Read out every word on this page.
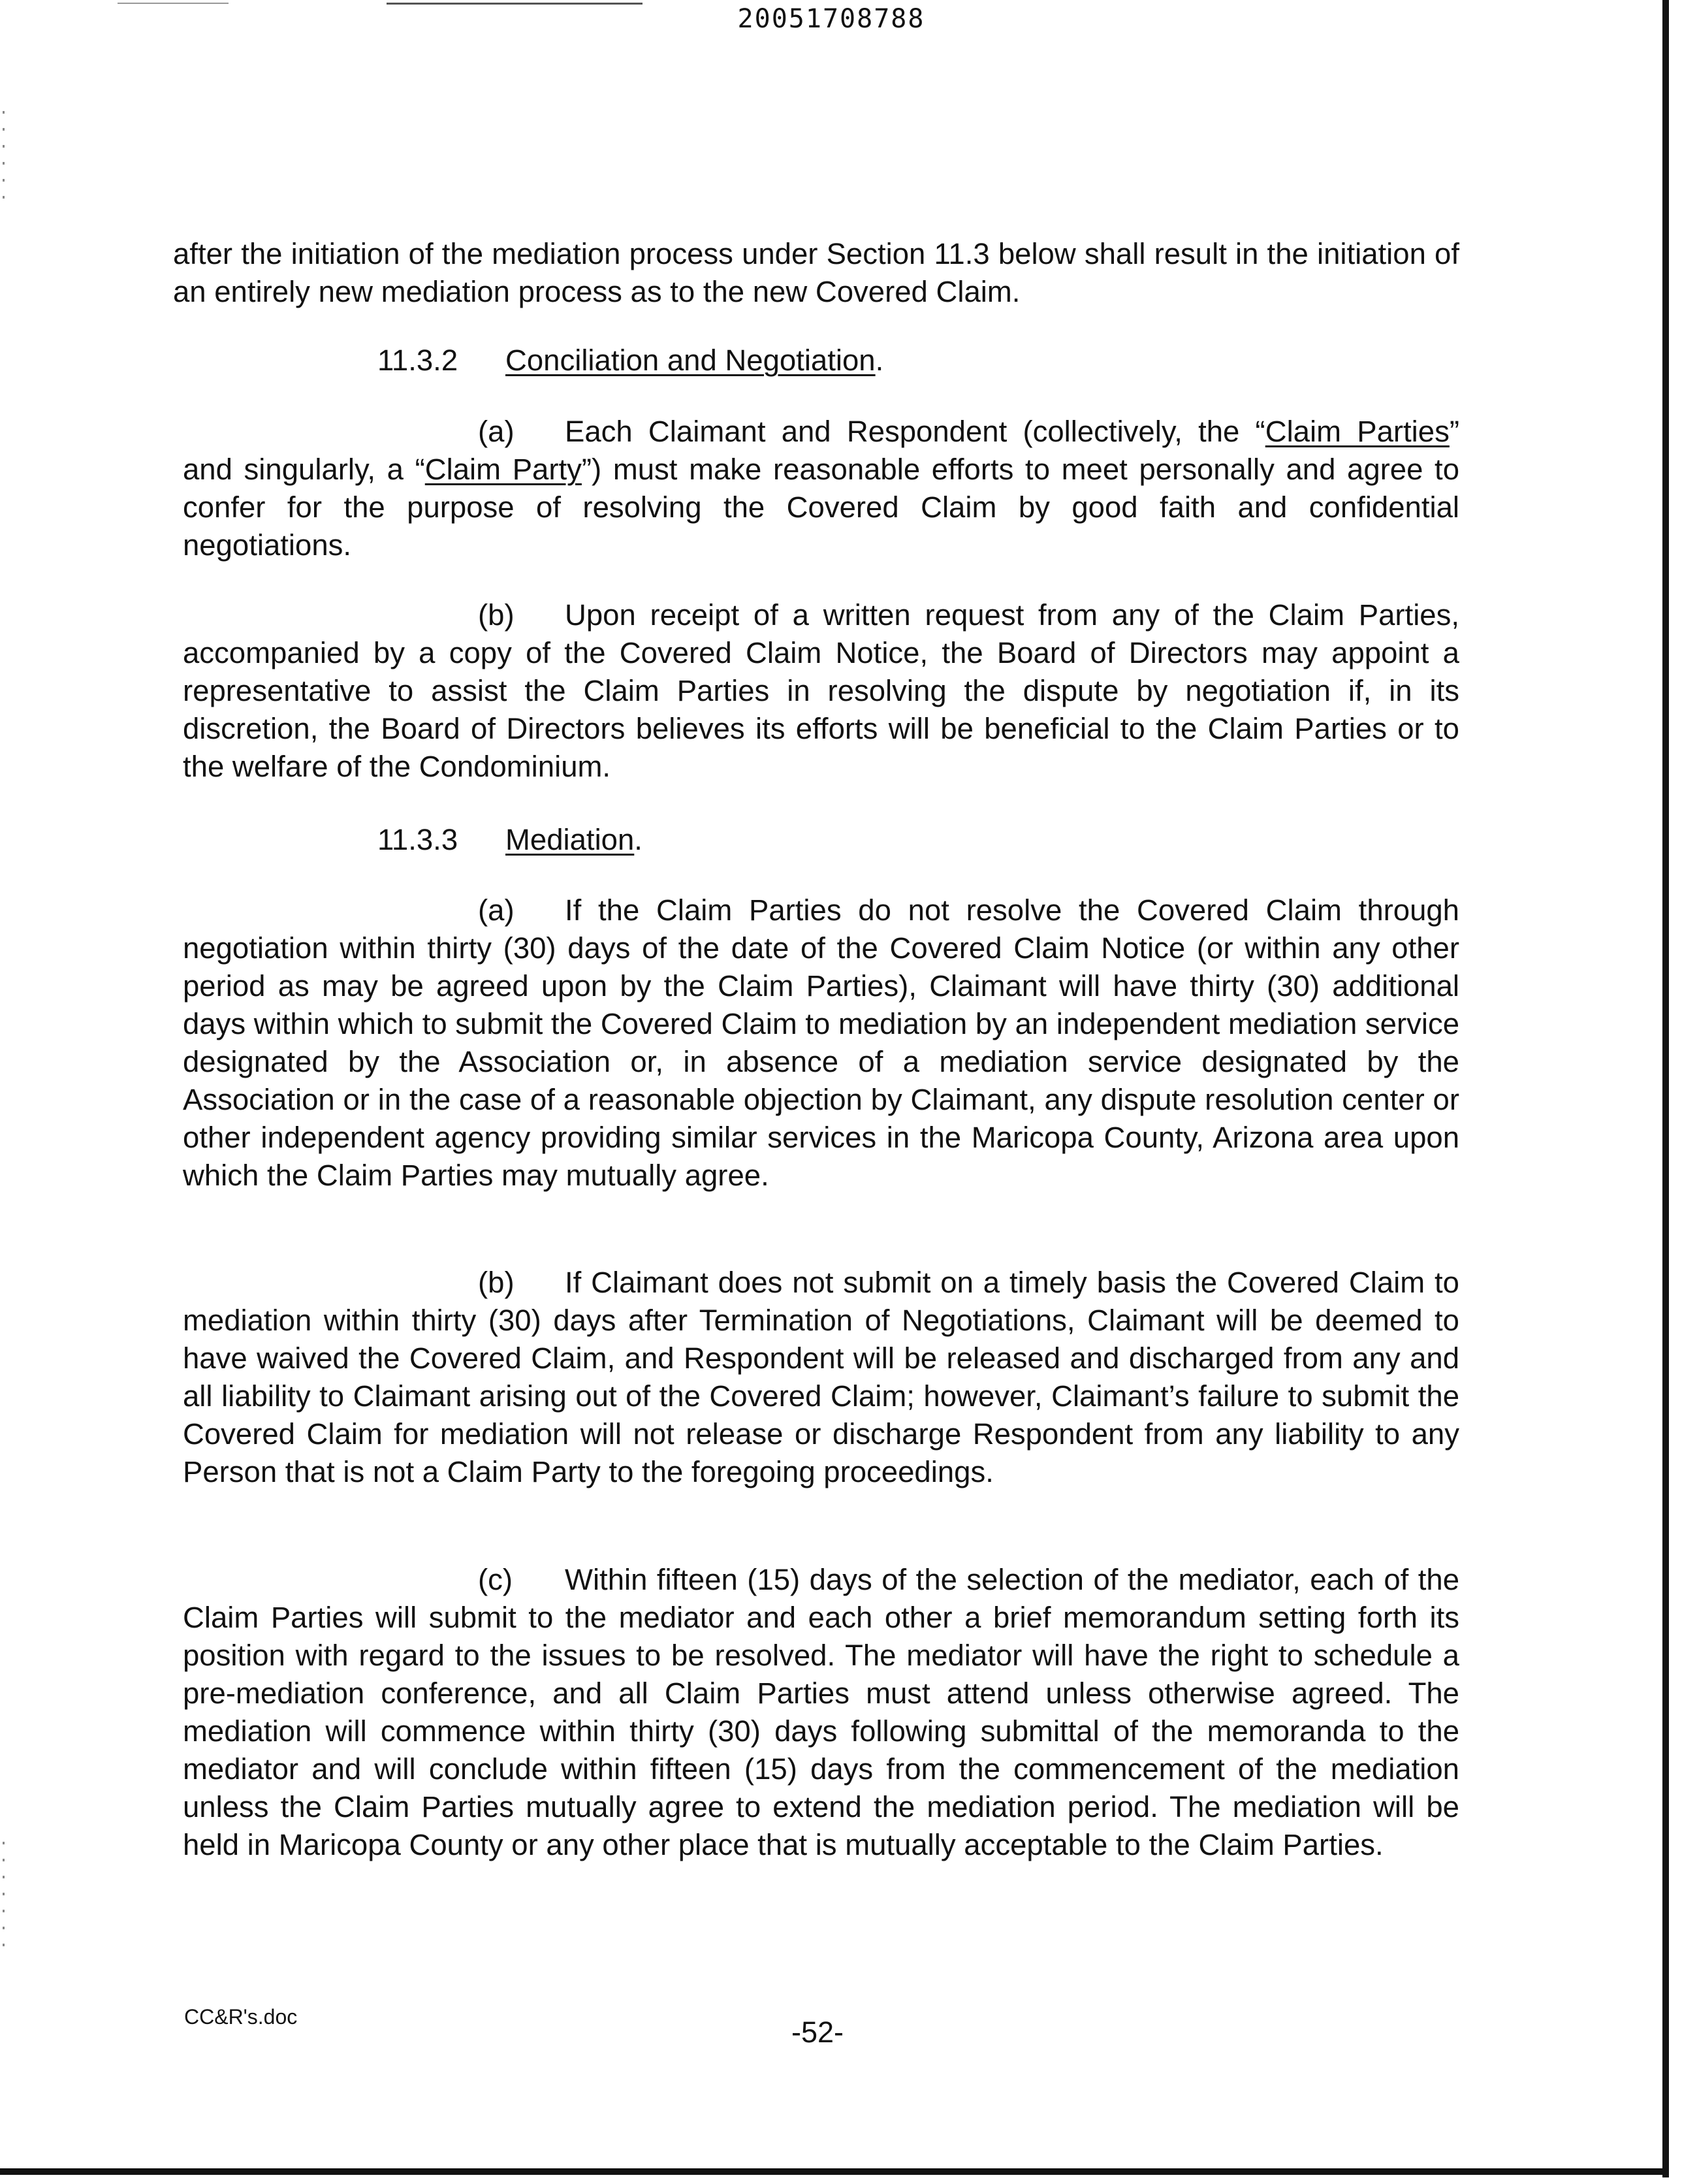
20051708788

after the initiation of the mediation process under Section 11.3 below shall result in the initiation of an entirely new mediation process as to the new Covered Claim.

11.3.2 Conciliation and Negotiation.

(a) Each Claimant and Respondent (collectively, the “Claim Parties” and singularly, a “Claim Party”) must make reasonable efforts to meet personally and agree to confer for the purpose of resolving the Covered Claim by good faith and confidential negotiations.

(b) Upon receipt of a written request from any of the Claim Parties, accompanied by a copy of the Covered Claim Notice, the Board of Directors may appoint a representative to assist the Claim Parties in resolving the dispute by negotiation if, in its discretion, the Board of Directors believes its efforts will be beneficial to the Claim Parties or to the welfare of the Condominium.

11.3.3 Mediation.

(a) If the Claim Parties do not resolve the Covered Claim through negotiation within thirty (30) days of the date of the Covered Claim Notice (or within any other period as may be agreed upon by the Claim Parties), Claimant will have thirty (30) additional days within which to submit the Covered Claim to mediation by an independent mediation service designated by the Association or, in absence of a mediation service designated by the Association or in the case of a reasonable objection by Claimant, any dispute resolution center or other independent agency providing similar services in the Maricopa County, Arizona area upon which the Claim Parties may mutually agree.

(b) If Claimant does not submit on a timely basis the Covered Claim to mediation within thirty (30) days after Termination of Negotiations, Claimant will be deemed to have waived the Covered Claim, and Respondent will be released and discharged from any and all liability to Claimant arising out of the Covered Claim; however, Claimant’s failure to submit the Covered Claim for mediation will not release or discharge Respondent from any liability to any Person that is not a Claim Party to the foregoing proceedings.

(c) Within fifteen (15) days of the selection of the mediator, each of the Claim Parties will submit to the mediator and each other a brief memorandum setting forth its position with regard to the issues to be resolved. The mediator will have the right to schedule a pre-mediation conference, and all Claim Parties must attend unless otherwise agreed. The mediation will commence within thirty (30) days following submittal of the memoranda to the mediator and will conclude within fifteen (15) days from the commencement of the mediation unless the Claim Parties mutually agree to extend the mediation period. The mediation will be held in Maricopa County or any other place that is mutually acceptable to the Claim Parties.

CC&R's.doc	-52-
